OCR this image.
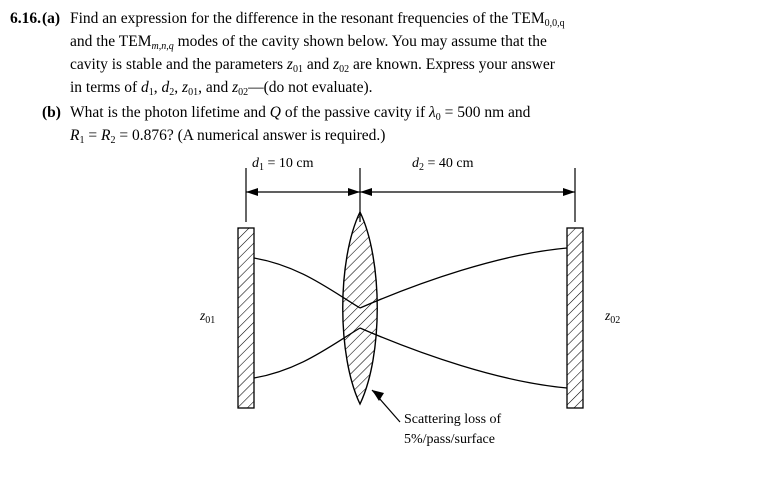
6.16. (a) Find an expression for the difference in the resonant frequencies of the $TEM_{0,0,q}$
and the $TEM_{m,n,q}$ modes of the cavity shown below. You may assume that the
cavity is stable and the parameters $z_{01}$ and $z_{02}$ are known. Express your answer
in terms of $d_1$, $d_2$, $z_{01}$, and $z_{02}—(do$ not evaluate).
(b) What is the photon lifetime and Q of the passive cavity if $\lambda_0 = 500$ nm and
$R_1 = R_2 = 0.876$? (A numerical answer is required.)
$d_1 = 10$ cm	$d_2 = 40$ cm
$z_{01}$	$z_{02}$
Scattering loss of
5%/pass/surface
